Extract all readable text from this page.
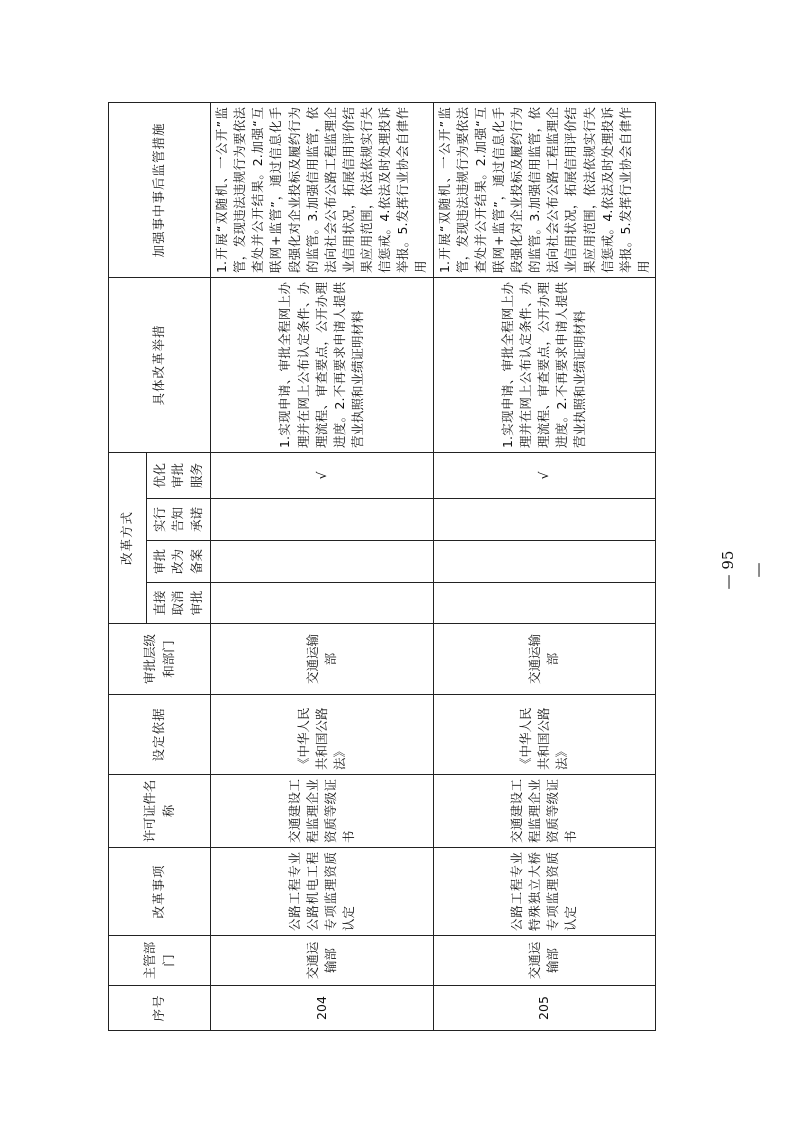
序号	主管部门	改革事项	许可证件名称	设定依据	审批层级和部门	改革方式				具体改革举措	加强事中事后监管措施
						直接取消审批	审批改为备案	实行告知承诺	优化审批服务		
204	交通运输部	公路工程专业公路机电工程专项监理资质认定	交通建设工程监理企业资质等级证书	《中华人民共和国公路法》	交通运输部				√	1.实现申请、审批全程网上办理并在网上公布认定条件、办理流程、审查要点，公开办理进度。2.不再要求申请人提供营业执照和业绩证明材料	1.开展“双随机、一公开”监管，发现违法违规行为要依法查处并公开结果。2.加强“互联网+监管”，通过信息化手段强化对企业投标及履约行为的监管。3.加强信用监管，依法向社会公布公路工程监理企业信用状况，拓展信用评价结果应用范围，依法依规实行失信惩戒。4.依法及时处理投诉举报。5.发挥行业协会自律作用
205	交通运输部	公路工程专业特殊独立大桥专项监理资质认定	交通建设工程监理企业资质等级证书	《中华人民共和国公路法》	交通运输部				√	1.实现申请、审批全程网上办理并在网上公布认定条件、办理流程、审查要点，公开办理进度。2.不再要求申请人提供营业执照和业绩证明材料	1.开展“双随机、一公开”监管，发现违法违规行为要依法查处并公开结果。2.加强“互联网+监管”，通过信息化手段强化对企业投标及履约行为的监管。3.加强信用监管，依法向社会公布公路工程监理企业信用状况，拓展信用评价结果应用范围，依法依规实行失信惩戒。4.依法及时处理投诉举报。5.发挥行业协会自律作用
— 95 —
